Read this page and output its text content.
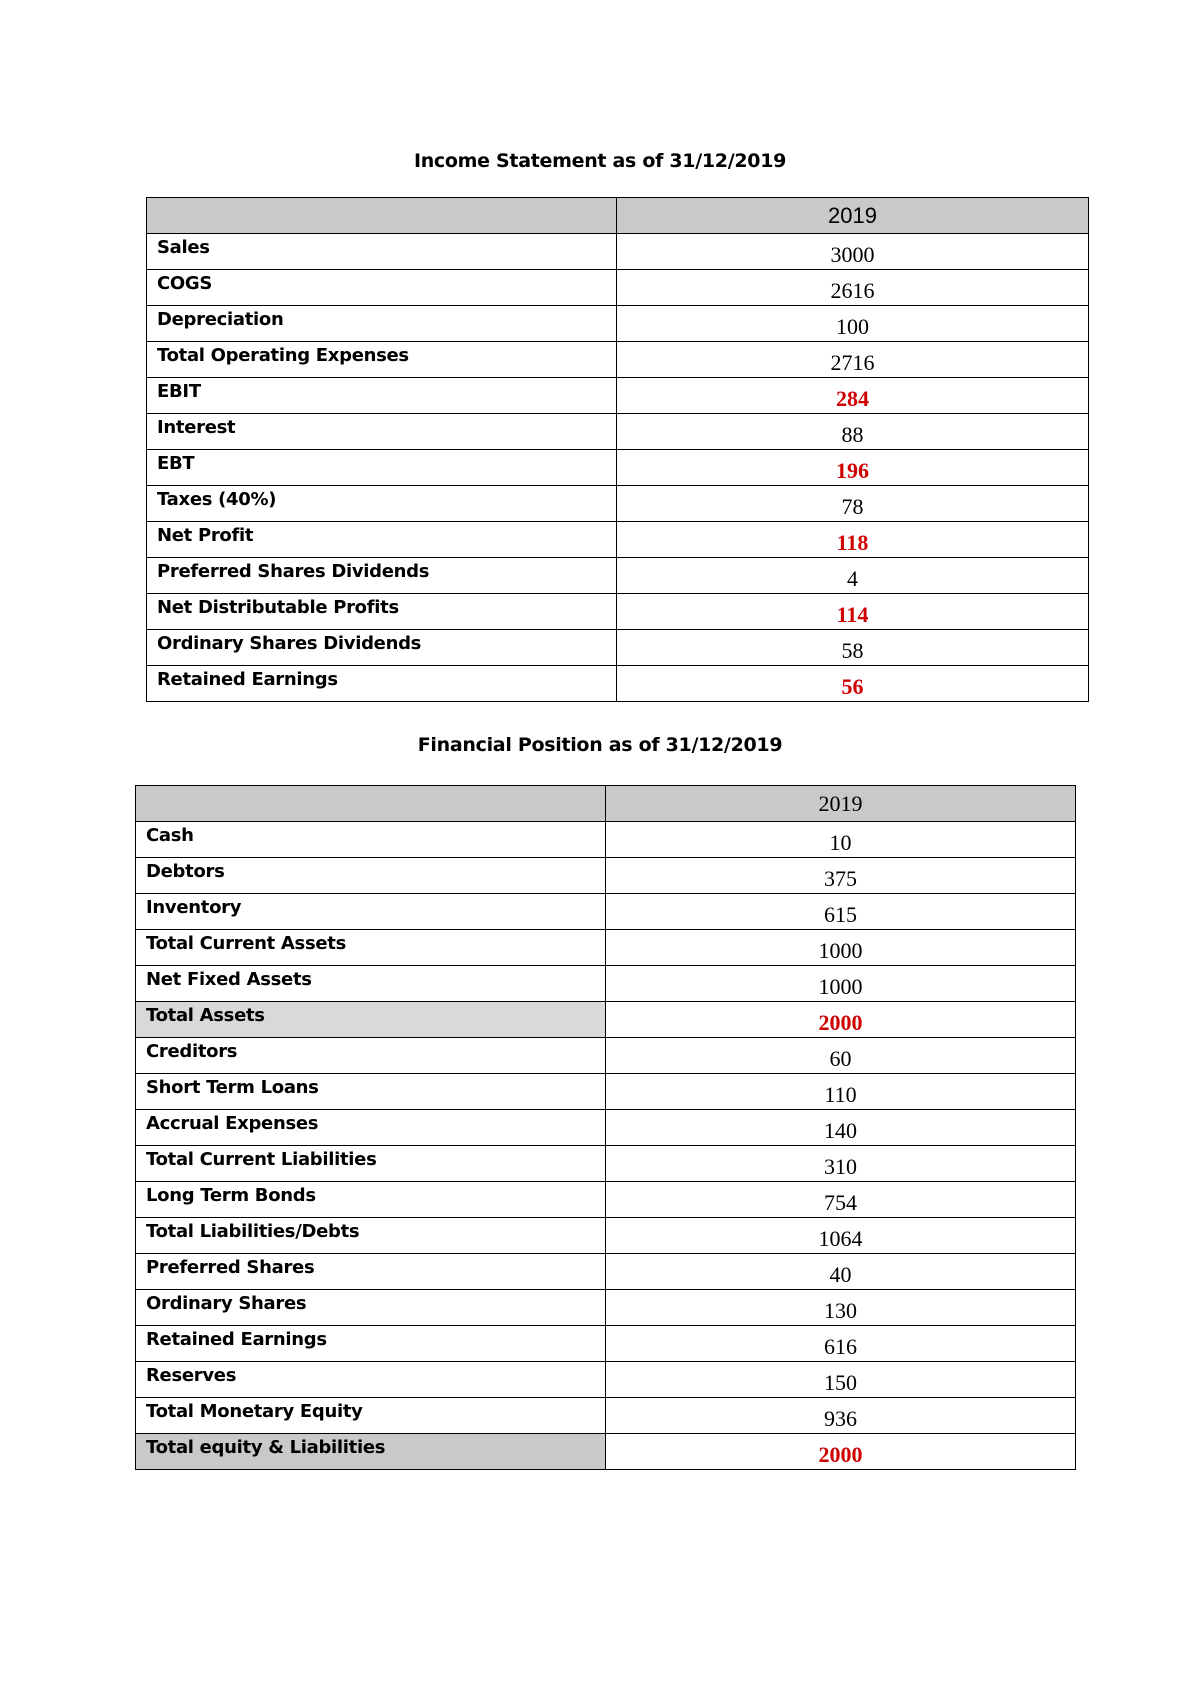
Income Statement as of 31/12/2019
	2019
Sales	3000
COGS	2616
Depreciation	100
Total Operating Expenses	2716
EBIT	284
Interest	88
EBT	196
Taxes (40%)	78
Net Profit	118
Preferred Shares Dividends	4
Net Distributable Profits	114
Ordinary Shares Dividends	58
Retained Earnings	56
Financial Position as of 31/12/2019
	2019
Cash	10
Debtors	375
Inventory	615
Total Current Assets	1000
Net Fixed Assets	1000
Total Assets	2000
Creditors	60
Short Term Loans	110
Accrual Expenses	140
Total Current Liabilities	310
Long Term Bonds	754
Total Liabilities/Debts	1064
Preferred Shares	40
Ordinary Shares	130
Retained Earnings	616
Reserves	150
Total Monetary Equity	936
Total equity & Liabilities	2000
